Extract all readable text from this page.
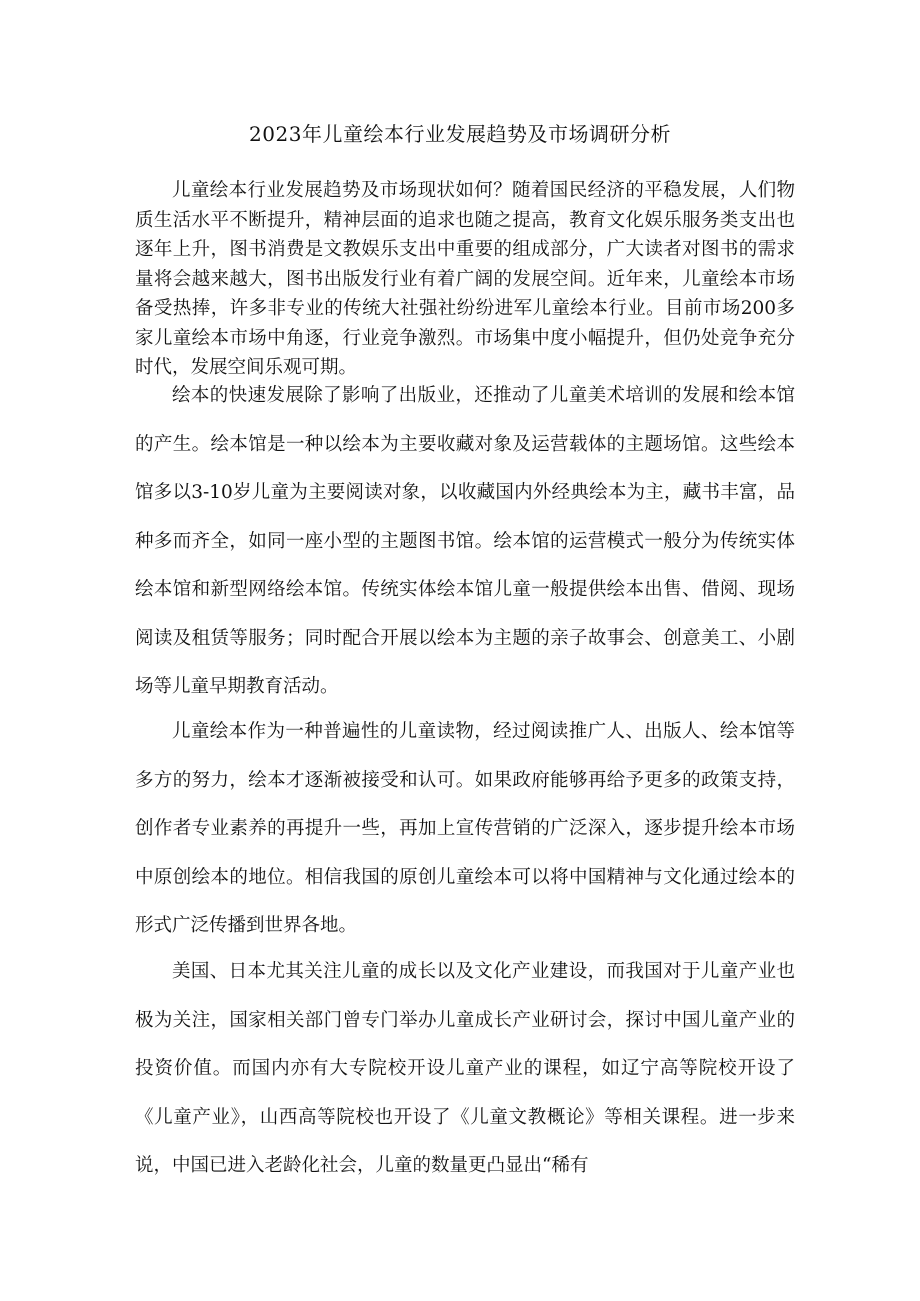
2023年儿童绘本行业发展趋势及市场调研分析
儿童绘本行业发展趋势及市场现状如何？随着国民经济的平稳发展，人们物质生活水平不断提升，精神层面的追求也随之提高，教育文化娱乐服务类支出也逐年上升，图书消费是文教娱乐支出中重要的组成部分，广大读者对图书的需求量将会越来越大，图书出版发行业有着广阔的发展空间。近年来，儿童绘本市场备受热捧，许多非专业的传统大社强社纷纷进军儿童绘本行业。目前市场200多家儿童绘本市场中角逐，行业竞争激烈。市场集中度小幅提升，但仍处竞争充分时代，发展空间乐观可期。
绘本的快速发展除了影响了出版业，还推动了儿童美术培训的发展和绘本馆的产生。绘本馆是一种以绘本为主要收藏对象及运营载体的主题场馆。这些绘本馆多以3-10岁儿童为主要阅读对象，以收藏国内外经典绘本为主，藏书丰富，品种多而齐全，如同一座小型的主题图书馆。绘本馆的运营模式一般分为传统实体绘本馆和新型网络绘本馆。传统实体绘本馆儿童一般提供绘本出售、借阅、现场阅读及租赁等服务；同时配合开展以绘本为主题的亲子故事会、创意美工、小剧场等儿童早期教育活动。
儿童绘本作为一种普遍性的儿童读物，经过阅读推广人、出版人、绘本馆等多方的努力，绘本才逐渐被接受和认可。如果政府能够再给予更多的政策支持，创作者专业素养的再提升一些，再加上宣传营销的广泛深入，逐步提升绘本市场中原创绘本的地位。相信我国的原创儿童绘本可以将中国精神与文化通过绘本的形式广泛传播到世界各地。
美国、日本尤其关注儿童的成长以及文化产业建设，而我国对于儿童产业也极为关注，国家相关部门曾专门举办儿童成长产业研讨会，探讨中国儿童产业的投资价值。而国内亦有大专院校开设儿童产业的课程，如辽宁高等院校开设了《儿童产业》，山西高等院校也开设了《儿童文教概论》等相关课程。进一步来说，中国已进入老龄化社会，儿童的数量更凸显出“稀有
